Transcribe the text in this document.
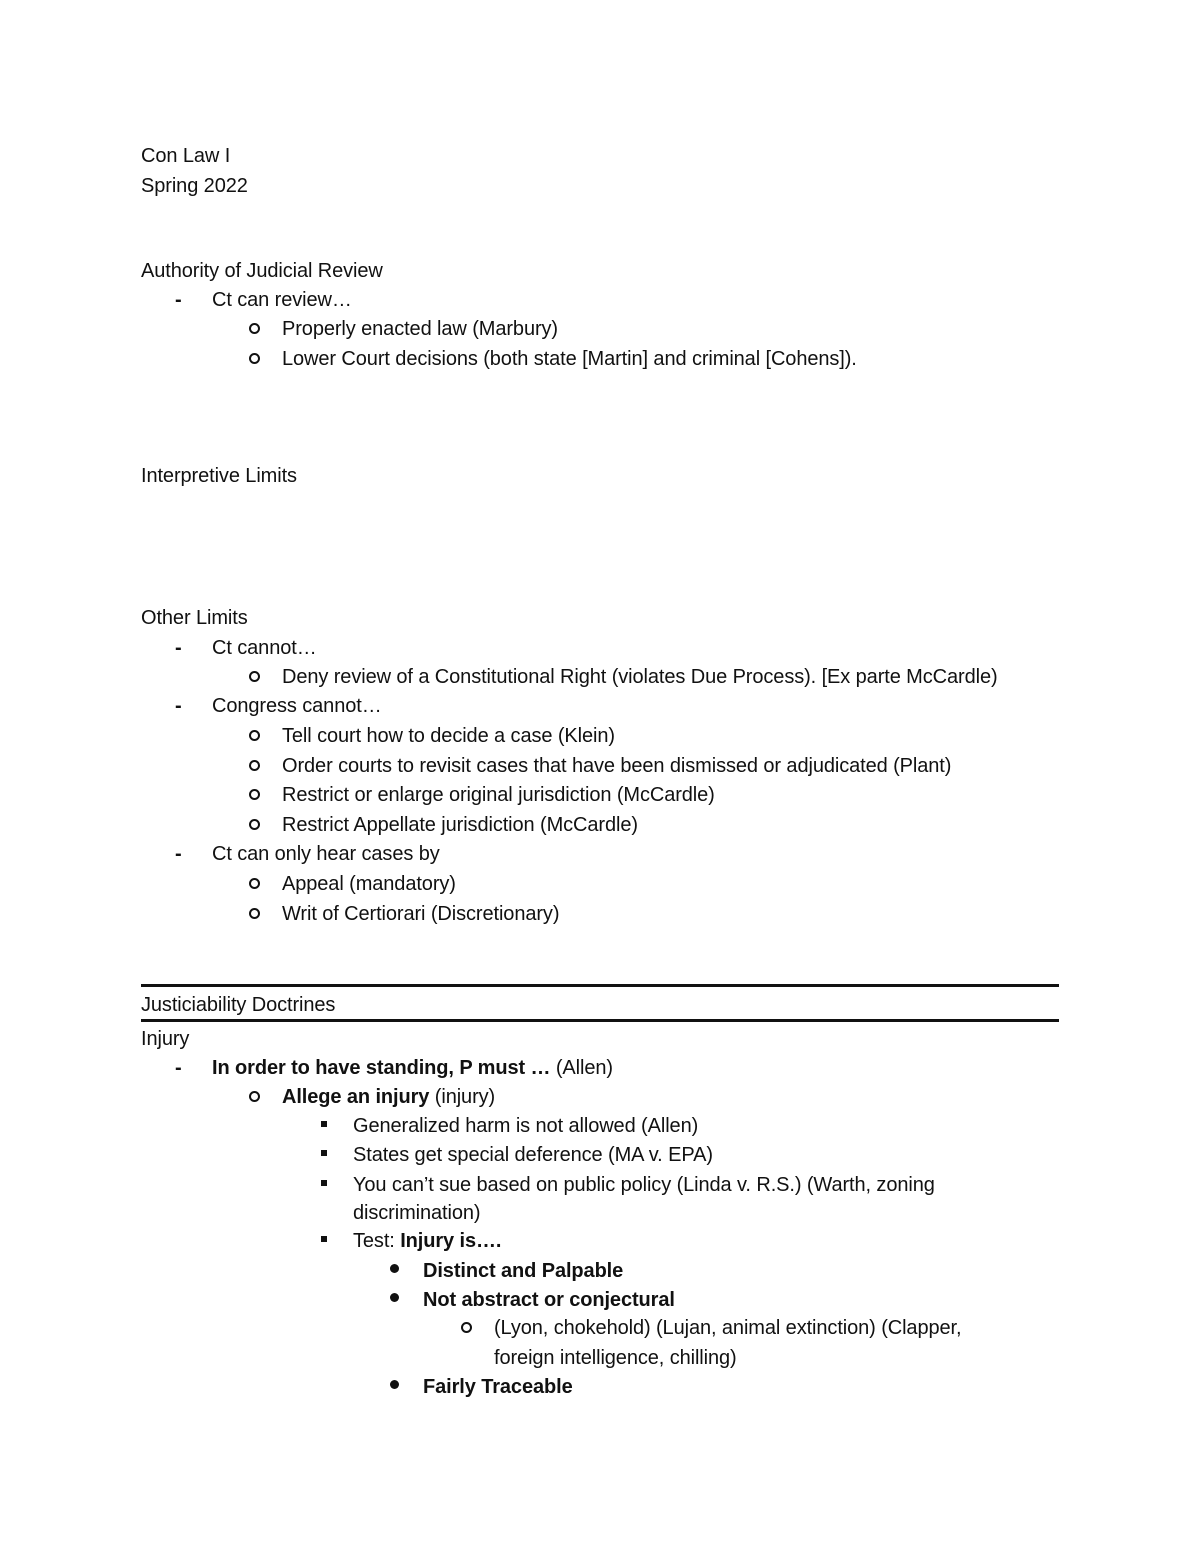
Con Law I
Spring 2022
Authority of Judicial Review
- Ct can review…
Properly enacted law (Marbury)
Lower Court decisions (both state [Martin] and criminal [Cohens]).
Interpretive Limits
Other Limits
- Ct cannot…
Deny review of a Constitutional Right (violates Due Process). [Ex parte McCardle)
- Congress cannot…
Tell court how to decide a case (Klein)
Order courts to revisit cases that have been dismissed or adjudicated (Plant)
Restrict or enlarge original jurisdiction (McCardle)
Restrict Appellate jurisdiction (McCardle)
- Ct can only hear cases by
Appeal (mandatory)
Writ of Certiorari (Discretionary)
Justiciability Doctrines
Injury
- In order to have standing, P must … (Allen)
Allege an injury (injury)
Generalized harm is not allowed (Allen)
States get special deference (MA v. EPA)
You can’t sue based on public policy (Linda v. R.S.) (Warth, zoning
discrimination)
Test: Injury is….
Distinct and Palpable
Not abstract or conjectural
(Lyon, chokehold) (Lujan, animal extinction) (Clapper,
foreign intelligence, chilling)
Fairly Traceable
